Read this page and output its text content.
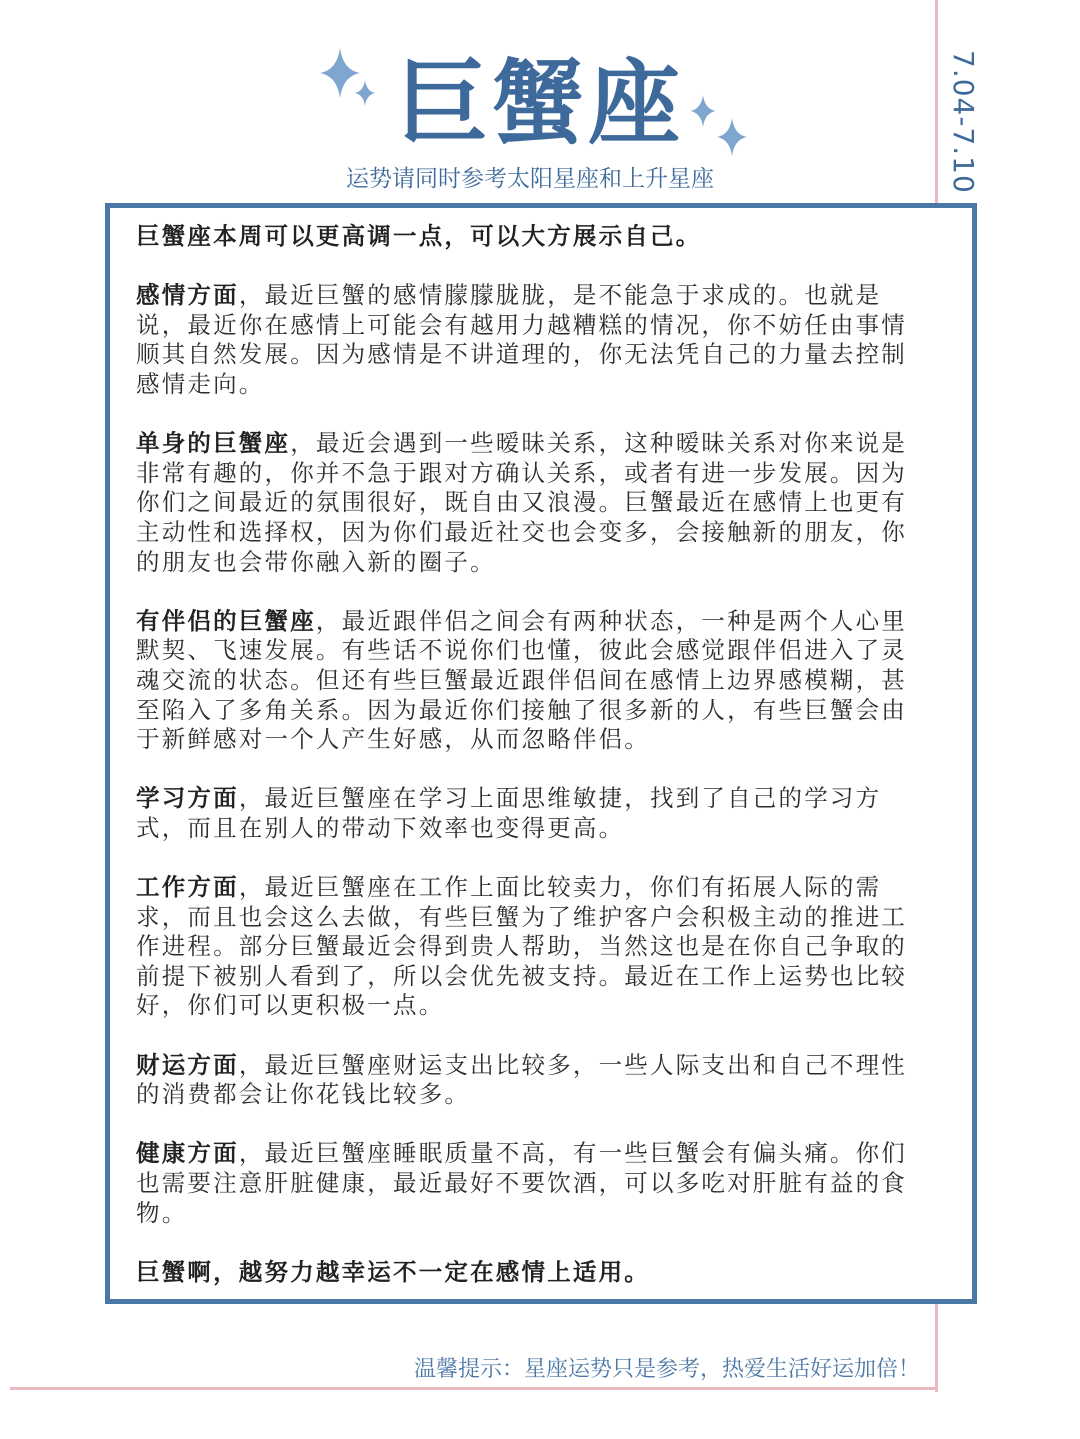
7.04-7.10
巨蟹座
运势请同时参考太阳星座和上升星座

巨蟹座本周可以更高调一点，可以大方展示自己。

感情方面，最近巨蟹的感情朦朦胧胧，是不能急于求成的。也就是说，最近你在感情上可能会有越用力越糟糕的情况，你不妨任由事情顺其自然发展。因为感情是不讲道理的，你无法凭自己的力量去控制感情走向。

单身的巨蟹座，最近会遇到一些暧昧关系，这种暧昧关系对你来说是非常有趣的，你并不急于跟对方确认关系，或者有进一步发展。因为你们之间最近的氛围很好，既自由又浪漫。巨蟹最近在感情上也更有主动性和选择权，因为你们最近社交也会变多，会接触新的朋友，你的朋友也会带你融入新的圈子。

有伴侣的巨蟹座，最近跟伴侣之间会有两种状态，一种是两个人心里默契、飞速发展。有些话不说你们也懂，彼此会感觉跟伴侣进入了灵魂交流的状态。但还有些巨蟹最近跟伴侣间在感情上边界感模糊，甚至陷入了多角关系。因为最近你们接触了很多新的人，有些巨蟹会由于新鲜感对一个人产生好感，从而忽略伴侣。

学习方面，最近巨蟹座在学习上面思维敏捷，找到了自己的学习方式，而且在别人的带动下效率也变得更高。

工作方面，最近巨蟹座在工作上面比较卖力，你们有拓展人际的需求，而且也会这么去做，有些巨蟹为了维护客户会积极主动的推进工作进程。部分巨蟹最近会得到贵人帮助，当然这也是在你自己争取的前提下被别人看到了，所以会优先被支持。最近在工作上运势也比较好，你们可以更积极一点。

财运方面，最近巨蟹座财运支出比较多，一些人际支出和自己不理性的消费都会让你花钱比较多。

健康方面，最近巨蟹座睡眠质量不高，有一些巨蟹会有偏头痛。你们也需要注意肝脏健康，最近最好不要饮酒，可以多吃对肝脏有益的食物。

巨蟹啊，越努力越幸运不一定在感情上适用。

温馨提示：星座运势只是参考，热爱生活好运加倍！
